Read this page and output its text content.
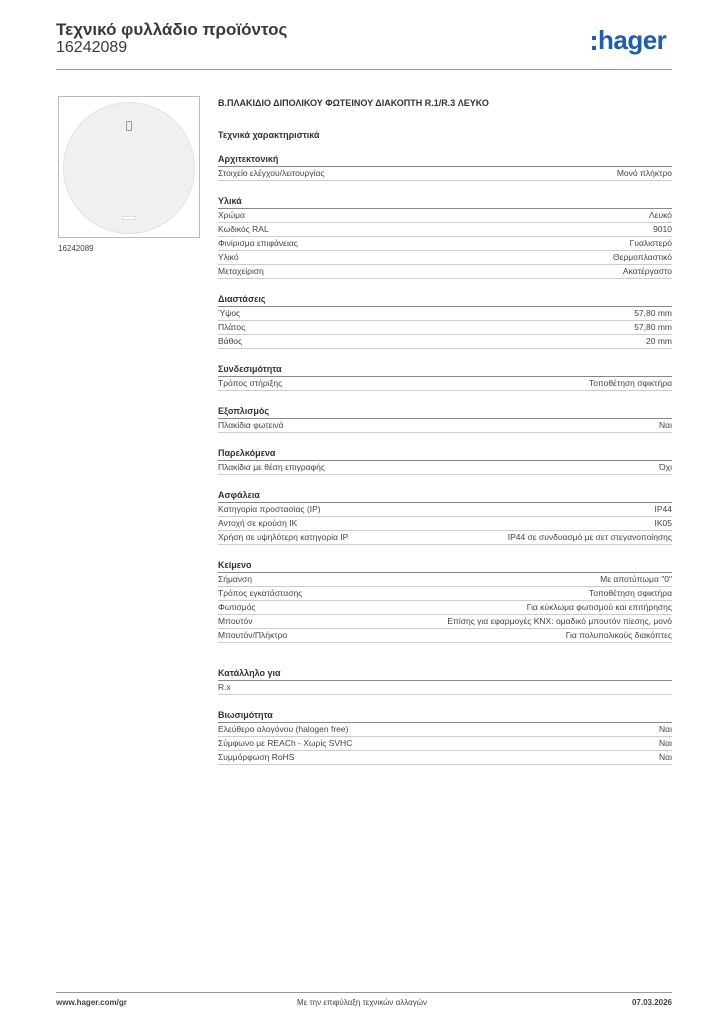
Τεχνικό φυλλάδιο προϊόντος
16242089	hager
16242089
B.ΠΛΑΚΙΔΙΟ ΔΙΠΟΛΙΚΟΥ ΦΩΤΕΙΝΟΥ ΔΙΑΚΟΠΤΗ R.1/R.3 ΛΕΥΚΟ
Τεχνικά χαρακτηριστικά
Αρχιτεκτονική
Στοιχείο ελέγχου/λειτουργίας	Μονό πλήκτρο
Υλικά
Χρώμα	Λευκό
Κωδικός RAL	9010
Φινίρισμα επιφάνειας	Γυαλιστερό
Υλικό	Θερμοπλαστικό
Μεταχείριση	Ακατέργαστο
Διαστάσεις
Ύψος	57,80 mm
Πλάτος	57,80 mm
Βάθος	20 mm
Συνδεσιμότητα
Τρόπος στήριξης	Τοποθέτηση σφικτήρα
Εξοπλισμός
Πλακίδια φωτεινά	Ναι
Παρελκόμενα
Πλακίδια με θέση επιγραφής	Όχι
Ασφάλεια
Κατηγορία προστασίας (IP)	IP44
Αντοχή σε κρούση IK	IK05
Χρήση σε υψηλότερη κατηγορία IP	IP44 σε συνδυασμό με σετ στεγανοποίησης
Κείμενο
Σήμανση	Με αποτύπωμα "0"
Τρόπος εγκατάστασης	Τοποθέτηση σφικτήρα
Φωτισμός	Για κύκλωμα φωτισμού και επιτήρησης
Μπουτόν	Επίσης για εφαρμογές KNX: ομαδικό μπουτόν πίεσης, μονό
Μπουτόν/Πλήκτρο	Για πολυπολικούς διακόπτες
Κατάλληλο για
R.x
Βιωσιμότητα
Ελεύθερο αλογόνου (halogen free)	Ναι
Σύμφωνο με REACh - Χωρίς SVHC	Ναι
Συμμόρφωση RoHS	Ναι
www.hager.com/gr	Με την επιφύλαξη τεχνικών αλλαγών	07.03.2026
